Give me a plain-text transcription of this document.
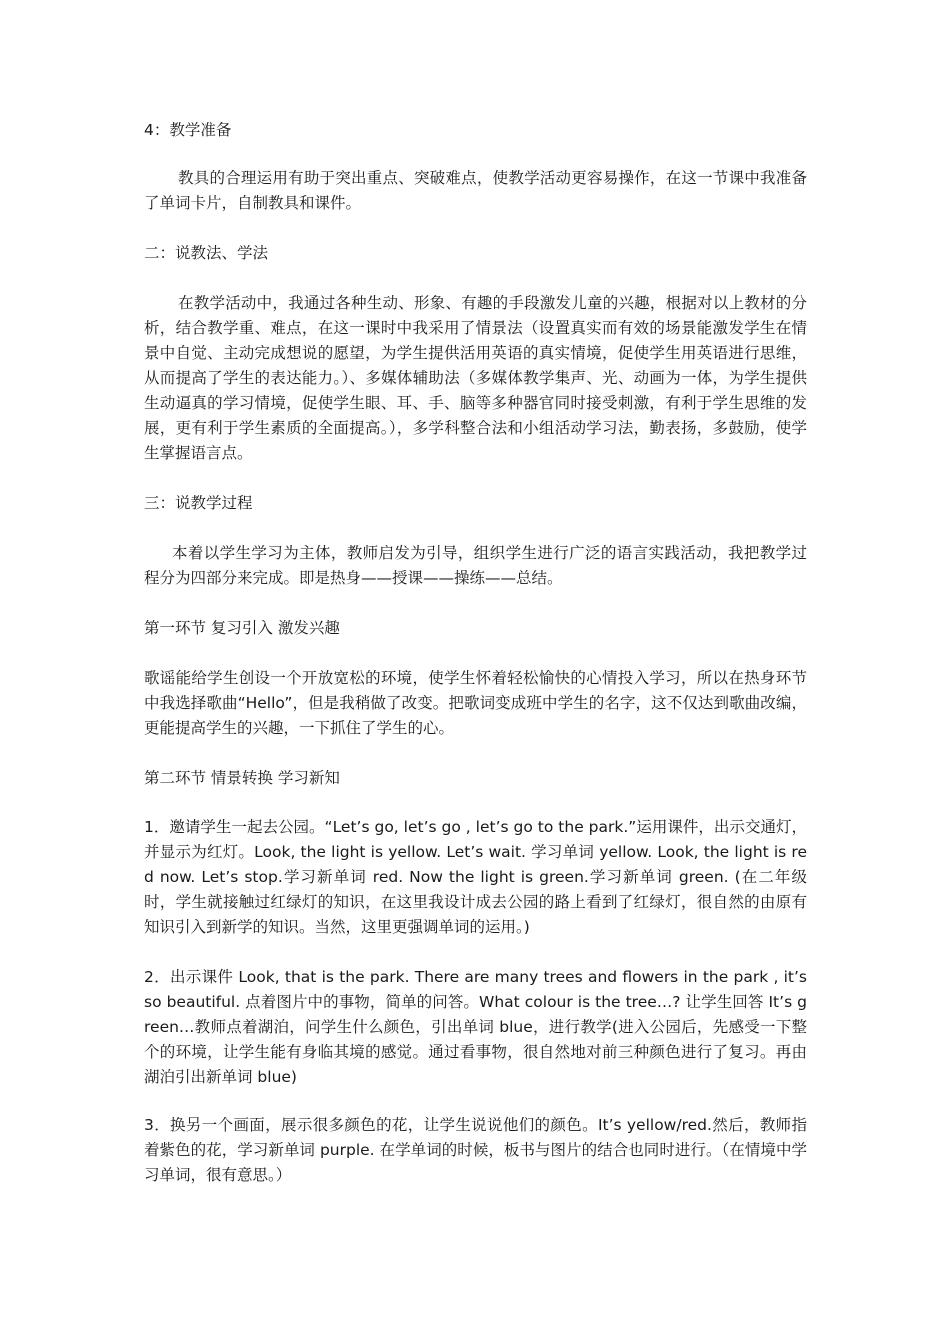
4：教学准备

教具的合理运用有助于突出重点、突破难点，使教学活动更容易操作，在这一节课中我准备了单词卡片，自制教具和课件。

二：说教法、学法

在教学活动中，我通过各种生动、形象、有趣的手段激发儿童的兴趣，根据对以上教材的分析，结合教学重、难点，在这一课时中我采用了情景法（设置真实而有效的场景能激发学生在情景中自觉、主动完成想说的愿望，为学生提供活用英语的真实情境，促使学生用英语进行思维，从而提高了学生的表达能力。）、多媒体辅助法（多媒体教学集声、光、动画为一体，为学生提供生动逼真的学习情境，促使学生眼、耳、手、脑等多种器官同时接受刺激，有利于学生思维的发展，更有利于学生素质的全面提高。），多学科整合法和小组活动学习法，勤表扬，多鼓励，使学生掌握语言点。

三：说教学过程

本着以学生学习为主体，教师启发为引导，组织学生进行广泛的语言实践活动，我把教学过程分为四部分来完成。即是热身——授课——操练——总结。

第一环节 复习引入 激发兴趣

歌谣能给学生创设一个开放宽松的环境，使学生怀着轻松愉快的心情投入学习，所以在热身环节中我选择歌曲“Hello”，但是我稍做了改变。把歌词变成班中学生的名字，这不仅达到歌曲改编，更能提高学生的兴趣，一下抓住了学生的心。

第二环节 情景转换 学习新知

1．邀请学生一起去公园。“Let’s go, let’s go , let’s go to the park.”运用课件，出示交通灯，并显示为红灯。Look, the light is yellow. Let’s wait. 学习单词 yellow. Look, the light is red now. Let’s stop.学习新单词 red. Now the light is green.学习新单词 green. (在二年级时，学生就接触过红绿灯的知识，在这里我设计成去公园的路上看到了红绿灯，很自然的由原有知识引入到新学的知识。当然，这里更强调单词的运用。)

2．出示课件 Look, that is the park. There are many trees and flowers in the park , it’s so beautiful. 点着图片中的事物，简单的问答。What colour is the tree…? 让学生回答 It’s green…教师点着湖泊，问学生什么颜色，引出单词 blue，进行教学(进入公园后，先感受一下整个的环境，让学生能有身临其境的感觉。通过看事物，很自然地对前三种颜色进行了复习。再由湖泊引出新单词 blue)

3．换另一个画面，展示很多颜色的花，让学生说说他们的颜色。It’s yellow/red.然后，教师指着紫色的花，学习新单词 purple. 在学单词的时候，板书与图片的结合也同时进行。（在情境中学习单词，很有意思。）
